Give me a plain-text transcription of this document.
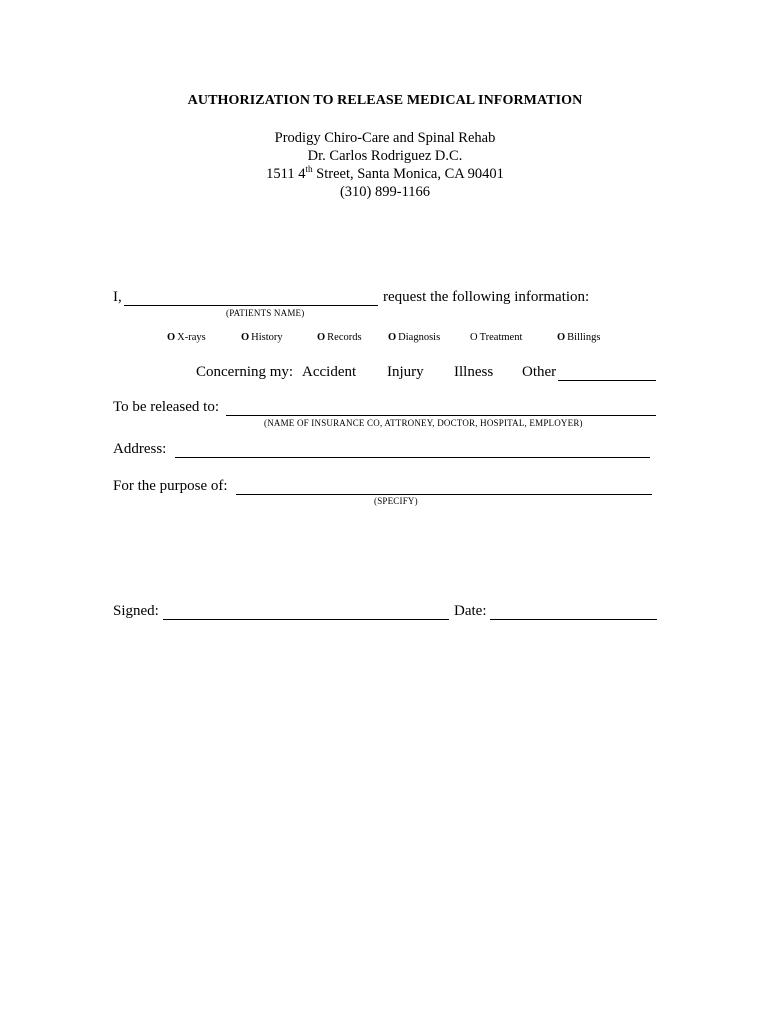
AUTHORIZATION TO RELEASE MEDICAL INFORMATION
Prodigy Chiro-Care and Spinal Rehab
Dr. Carlos Rodriguez D.C.
1511 4th Street, Santa Monica, CA 90401
(310) 899-1166
I,	request the following information:
(PATIENTS NAME)
O X-rays	O History	O Records	O Diagnosis	O Treatment	O Billings
Concerning my: Accident Injury Illness Other
To be released to:
(NAME OF INSURANCE CO, ATTRONEY, DOCTOR, HOSPITAL, EMPLOYER)
Address:
For the purpose of:
(SPECIFY)
Signed:	Date:
